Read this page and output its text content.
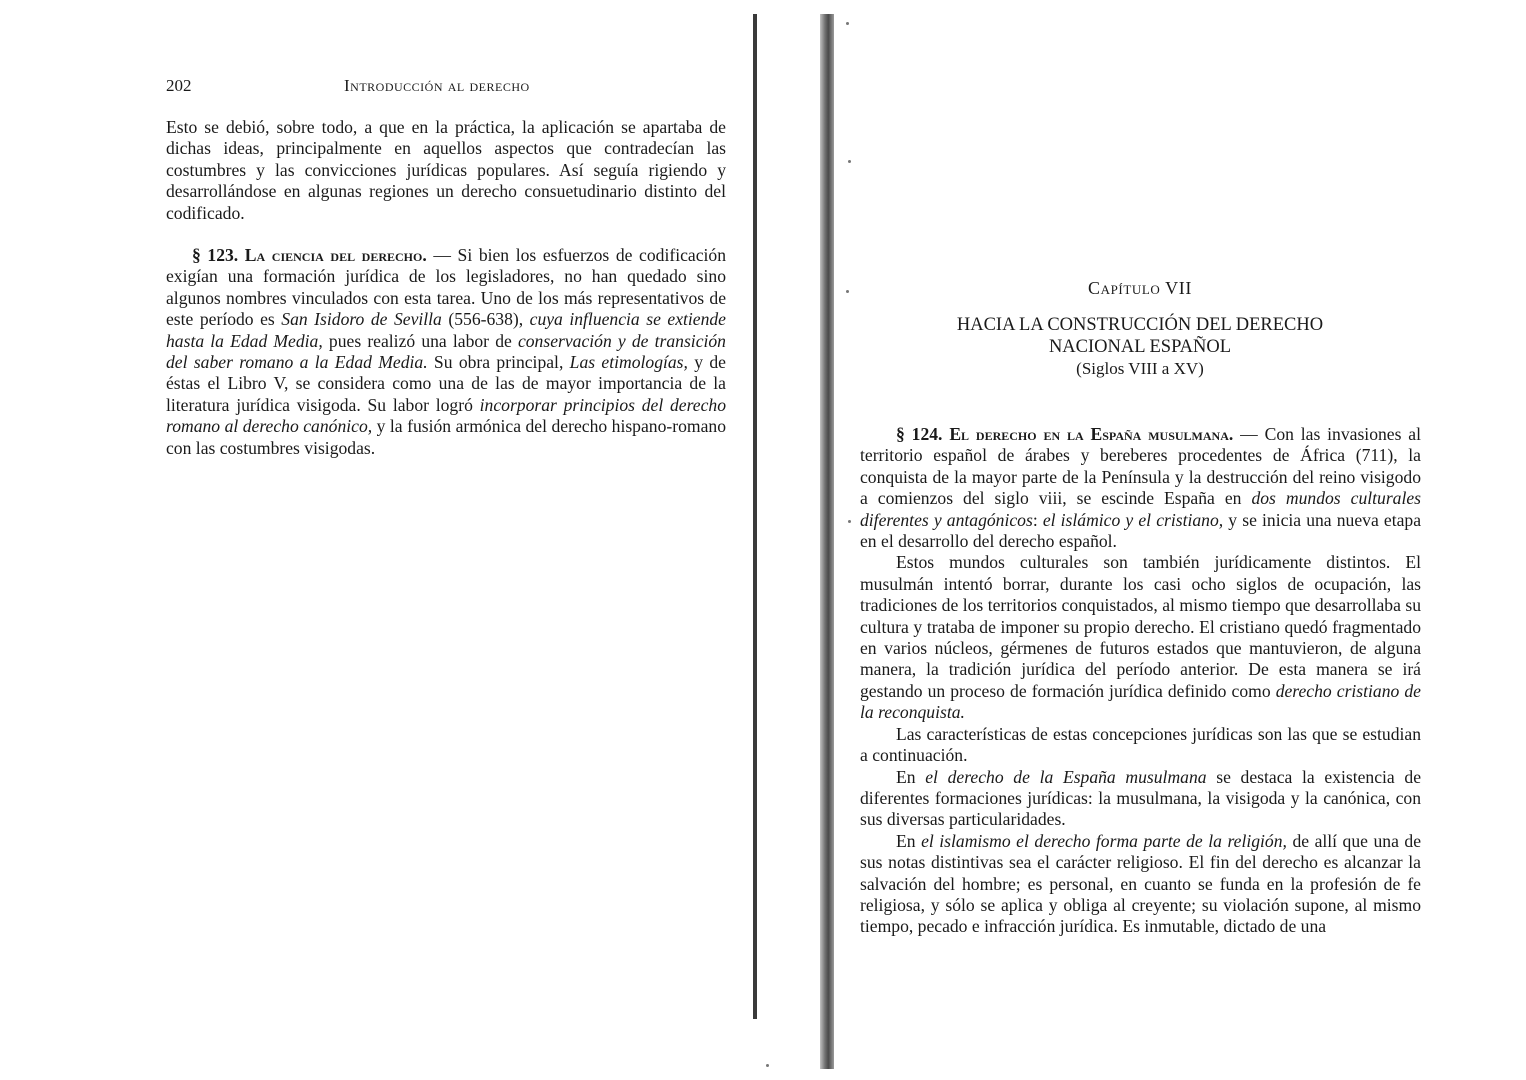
202	Introducción al derecho

Esto se debió, sobre todo, a que en la práctica, la aplicación se apartaba de dichas ideas, principalmente en aquellos aspectos que contradecían las costumbres y las convicciones jurídicas populares. Así seguía rigiendo y desarrollándose en algunas regiones un derecho consuetudinario distinto del codificado.

§ 123. La ciencia del derecho. — Si bien los esfuerzos de codificación exigían una formación jurídica de los legisladores, no han quedado sino algunos nombres vinculados con esta tarea. Uno de los más representativos de este período es San Isidoro de Sevilla (556-638), cuya influencia se extiende hasta la Edad Media, pues realizó una labor de conservación y de transición del saber romano a la Edad Media. Su obra principal, Las etimologías, y de éstas el Libro V, se considera como una de las de mayor importancia de la literatura jurídica visigoda. Su labor logró incorporar principios del derecho romano al derecho canónico, y la fusión armónica del derecho hispano-romano con las costumbres visigodas.

Capítulo VII
HACIA LA CONSTRUCCIÓN DEL DERECHO
NACIONAL ESPAÑOL
(Siglos VIII a XV)

§ 124. El derecho en la España musulmana. — Con las invasiones al territorio español de árabes y bereberes procedentes de África (711), la conquista de la mayor parte de la Península y la destrucción del reino visigodo a comienzos del siglo viii, se escinde España en dos mundos culturales diferentes y antagónicos: el islámico y el cristiano, y se inicia una nueva etapa en el desarrollo del derecho español.

Estos mundos culturales son también jurídicamente distintos. El musulmán intentó borrar, durante los casi ocho siglos de ocupación, las tradiciones de los territorios conquistados, al mismo tiempo que desarrollaba su cultura y trataba de imponer su propio derecho. El cristiano quedó fragmentado en varios núcleos, gérmenes de futuros estados que mantuvieron, de alguna manera, la tradición jurídica del período anterior. De esta manera se irá gestando un proceso de formación jurídica definido como derecho cristiano de la reconquista.

Las características de estas concepciones jurídicas son las que se estudian a continuación.

En el derecho de la España musulmana se destaca la existencia de diferentes formaciones jurídicas: la musulmana, la visigoda y la canónica, con sus diversas particularidades.

En el islamismo el derecho forma parte de la religión, de allí que una de sus notas distintivas sea el carácter religioso. El fin del derecho es alcanzar la salvación del hombre; es personal, en cuanto se funda en la profesión de fe religiosa, y sólo se aplica y obliga al creyente; su violación supone, al mismo tiempo, pecado e infracción jurídica. Es inmutable, dictado de una
